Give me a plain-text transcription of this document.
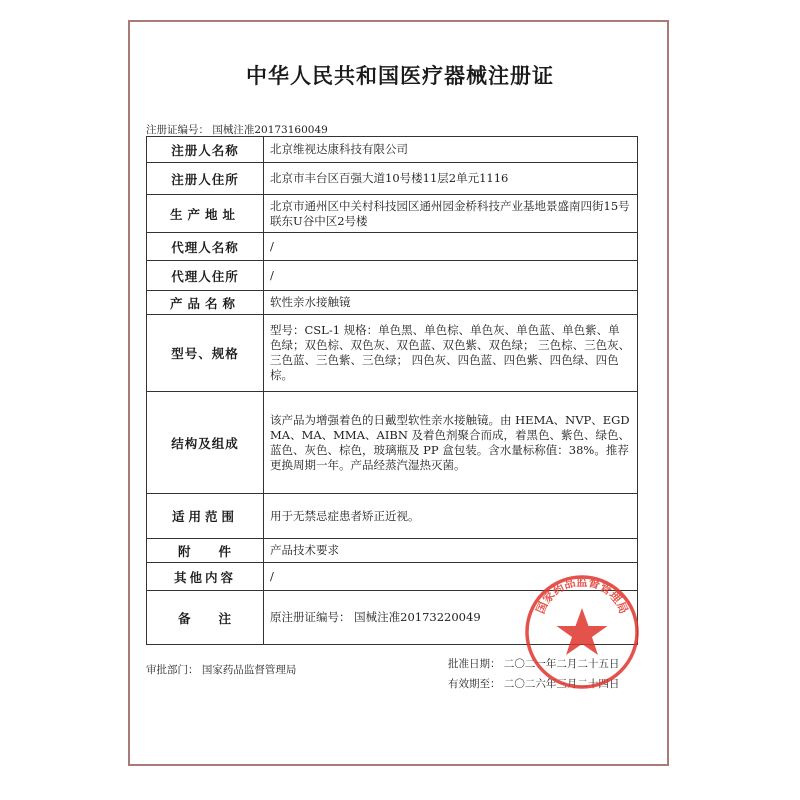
中华人民共和国医疗器械注册证
注册证编号： 国械注准20173160049
注册人名称	北京维视达康科技有限公司
注册人住所	北京市丰台区百强大道10号楼11层2单元1116
生产地址	北京市通州区中关村科技园区通州园金桥科技产业基地景盛南四街15号联东U谷中区2号楼
代理人名称	/
代理人住所	/
产品名称	软性亲水接触镜
型号、规格	型号：CSL-1 规格：单色黑、单色棕、单色灰、单色蓝、单色紫、单色绿；双色棕、双色灰、双色蓝、双色紫、双色绿； 三色棕、三色灰、三色蓝、三色紫、三色绿； 四色灰、四色蓝、四色紫、四色绿、四色棕。
结构及组成	该产品为增强着色的日戴型软性亲水接触镜。由 HEMA、NVP、EGDMA、MA、MMA、AIBN 及着色剂聚合而成，着黑色、紫色、绿色、蓝色、灰色、棕色，玻璃瓶及 PP 盒包装。含水量标称值：38%。推荐更换周期一年。产品经蒸汽湿热灭菌。
适用范围	用于无禁忌症患者矫正近视。
附件	产品技术要求
其他内容	/
备注	原注册证编号： 国械注准20173220049
审批部门： 国家药品监督管理局	批准日期： 二〇二一年二月二十五日
有效期至： 二〇二六年三月二十四日
国家药品监督管理局
